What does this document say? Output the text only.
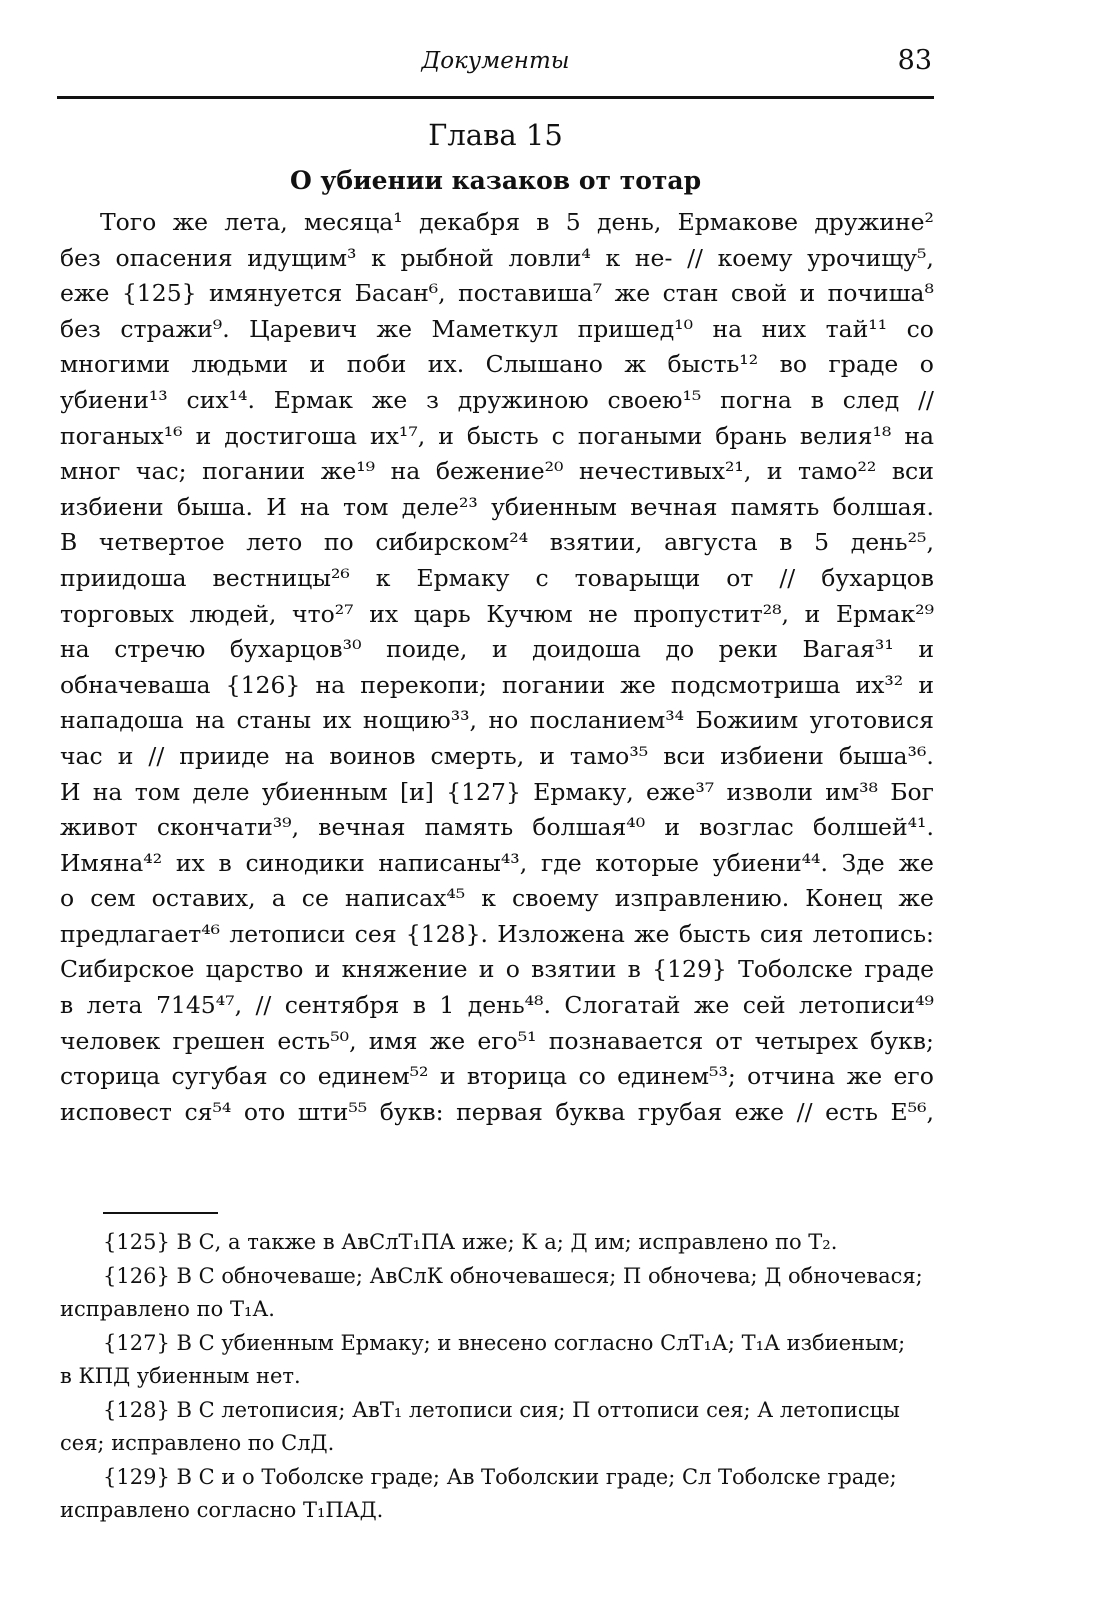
Документы	83
Глава 15
О убиении казаков от тотар
Того же лета, месяца¹ декабря в 5 день, Ермакове дружине²
без опасения идущим³ к рыбной ловли⁴ к не- // коему урочищу⁵,
еже {125} имянуется Басан⁶, поставиша⁷ же стан свой и почиша⁸
без стражи⁹. Царевич же Маметкул пришед¹⁰ на них тай¹¹ со
многими людьми и поби их. Слышано ж бысть¹² во граде о
убиени¹³ сих¹⁴. Ермак же з дружиною своею¹⁵ погна в след //
поганых¹⁶ и достигоша их¹⁷, и бысть с погаными брань велия¹⁸ на
мног час; погании же¹⁹ на бежение²⁰ нечестивых²¹, и тамо²² вси
избиени быша. И на том деле²³ убиенным вечная память болшая.
В четвертое лето по сибирском²⁴ взятии, августа в 5 день²⁵,
приидоша вестницы²⁶ к Ермаку с товарыщи от // бухарцов
торговых людей, что²⁷ их царь Кучюм не пропустит²⁸, и Ермак²⁹
на стречю бухарцов³⁰ поиде, и доидоша до реки Вагая³¹ и
обначеваша {126} на перекопи; погании же подсмотриша их³² и
нападоша на станы их нощию³³, но посланием³⁴ Божиим уготовися
час и // прииде на воинов смерть, и тамо³⁵ вси избиени быша³⁶.
И на том деле убиенным [и] {127} Ермаку, еже³⁷ изволи им³⁸ Бог
живот скончати³⁹, вечная память болшая⁴⁰ и возглас болшей⁴¹.
Имяна⁴² их в синодики написаны⁴³, где которые убиени⁴⁴. Зде же
о сем оставих, а се написах⁴⁵ к своему изправлению. Конец же
предлагает⁴⁶ летописи сея {128}. Изложена же бысть сия летопись:
Сибирское царство и княжение и о взятии в {129} Тоболске граде
в лета 7145⁴⁷, // сентября в 1 день⁴⁸. Слогатай же сей летописи⁴⁹
человек грешен есть⁵⁰, имя же его⁵¹ познавается от четырех букв;
сторица сугубая со единем⁵² и вторица со единем⁵³; отчина же его
исповест ся⁵⁴ ото шти⁵⁵ букв: первая буква грубая еже // есть Е⁵⁶,
{125} В С, а также в АвСлТ₁ПА иже; К а; Д им; исправлено по Т₂.
{126} В С обночеваше; АвСлК обночевашеся; П обночева; Д обночевася;
исправлено по Т₁А.
{127} В С убиенным Ермаку; и внесено согласно СлТ₁А; Т₁А избиеным;
в КПД убиенным нет.
{128} В С летописия; АвТ₁ летописи сия; П оттописи сея; А летописцы
сея; исправлено по СлД.
{129} В С и о Тоболске граде; Ав Тоболскии граде; Сл Тоболске граде;
исправлено согласно Т₁ПАД.
